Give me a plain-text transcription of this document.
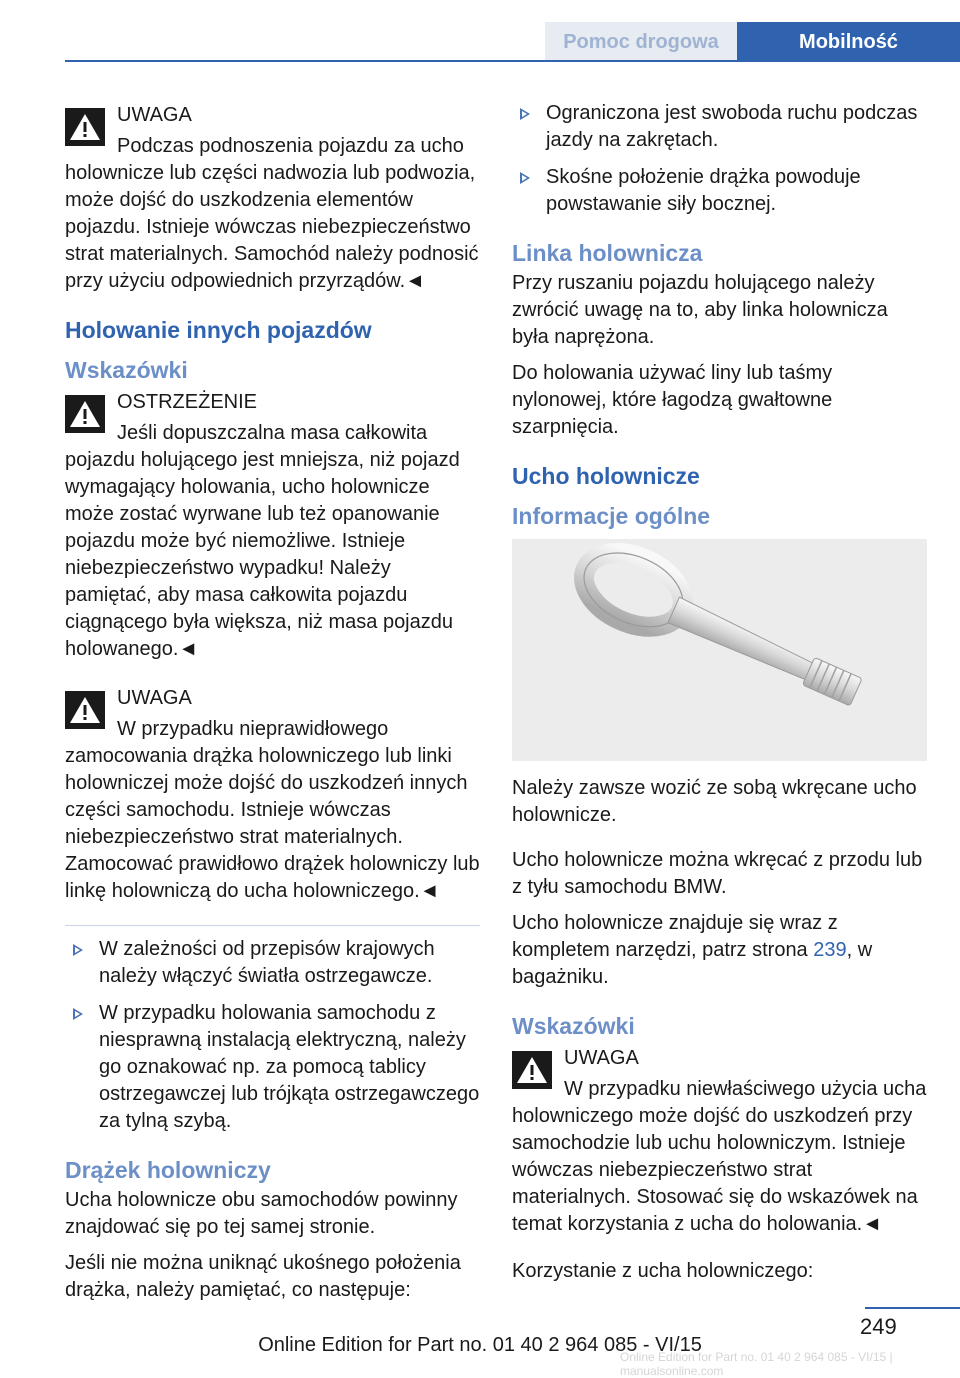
Pomoc drogowa	Mobilność
UWAGA

Podczas podnoszenia pojazdu za ucho holownicze lub części nadwozia lub podwozia, może dojść do uszkodzenia elementów pojazdu. Istnieje wówczas niebezpieczeństwo strat materialnych. Samochód należy podnosić przy użyciu odpowiednich przyrządów.◄

Holowanie innych pojazdów
Wskazówki
OSTRZEŻENIE

Jeśli dopuszczalna masa całkowita pojazdu holującego jest mniejsza, niż pojazd wymagający holowania, ucho holownicze może zostać wyrwane lub też opanowanie pojazdu może być niemożliwe. Istnieje niebezpieczeństwo wypadku! Należy pamiętać, aby masa całkowita pojazdu ciągnącego była większa, niż masa pojazdu holowanego.◄

UWAGA

W przypadku nieprawidłowego zamocowania drążka holowniczego lub linki holowniczej może dojść do uszkodzeń innych części samochodu. Istnieje wówczas niebezpieczeństwo strat materialnych. Zamocować prawidłowo drążek holowniczy lub linkę holowniczą do ucha holowniczego.◄

W zależności od przepisów krajowych należy włączyć światła ostrzegawcze.
W przypadku holowania samochodu z niesprawną instalacją elektryczną, należy go oznakować np. za pomocą tablicy ostrzegawczej lub trójkąta ostrzegawczego za tylną szybą.
Drążek holowniczy

Ucha holownicze obu samochodów powinny znajdować się po tej samej stronie.

Jeśli nie można uniknąć ukośnego położenia drążka, należy pamiętać, co następuje:

Ograniczona jest swoboda ruchu podczas jazdy na zakrętach.
Skośne położenie drążka powoduje powstawanie siły bocznej.
Linka holownicza

Przy ruszaniu pojazdu holującego należy zwrócić uwagę na to, aby linka holownicza była naprężona.

Do holowania używać liny lub taśmy nylonowej, które łagodzą gwałtowne szarpnięcia.

Ucho holownicze
Informacje ogólne

Należy zawsze wozić ze sobą wkręcane ucho holownicze.

Ucho holownicze można wkręcać z przodu lub z tyłu samochodu BMW.

Ucho holownicze znajduje się wraz z kompletem narzędzi, patrz strona 239, w bagażniku.

Wskazówki
UWAGA

W przypadku niewłaściwego użycia ucha holowniczego może dojść do uszkodzeń przy samochodzie lub uchu holowniczym. Istnieje wówczas niebezpieczeństwo strat materialnych. Stosować się do wskazówek na temat korzystania z ucha do holowania.◄

Korzystanie z ucha holowniczego:

249
Online Edition for Part no. 01 40 2 964 085 - VI/15
Online Edition for Part no. 01 40 2 964 085 - VI/15 | manualsonline.com
